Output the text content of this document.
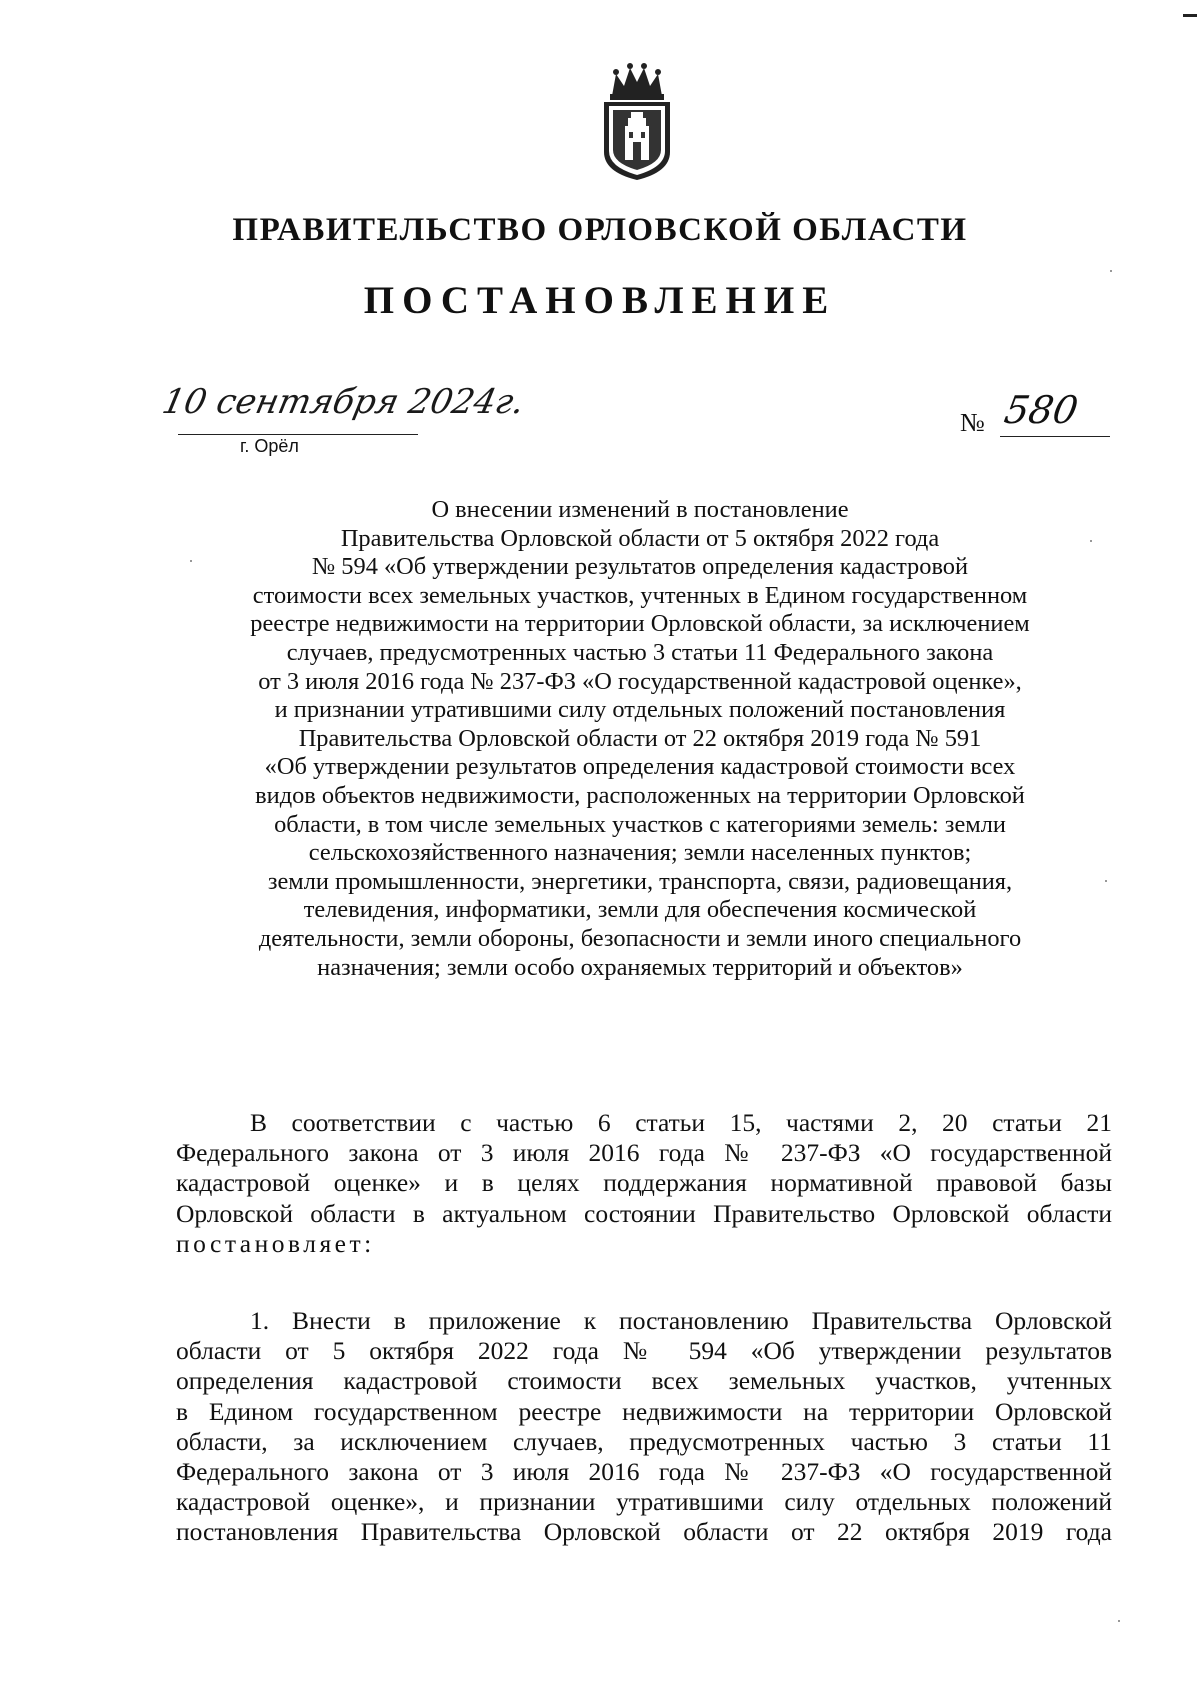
ПРАВИТЕЛЬСТВО ОРЛОВСКОЙ ОБЛАСТИ
ПОСТАНОВЛЕНИЕ
10 сентября 2024г.
г. Орёл
№ 580
О внесении изменений в постановление
Правительства Орловской области от 5 октября 2022 года
№ 594 «Об утверждении результатов определения кадастровой
стоимости всех земельных участков, учтенных в Едином государственном
реестре недвижимости на территории Орловской области, за исключением
случаев, предусмотренных частью 3 статьи 11 Федерального закона
от 3 июля 2016 года № 237-ФЗ «О государственной кадастровой оценке»,
и признании утратившими силу отдельных положений постановления
Правительства Орловской области от 22 октября 2019 года № 591
«Об утверждении результатов определения кадастровой стоимости всех
видов объектов недвижимости, расположенных на территории Орловской
области, в том числе земельных участков с категориями земель: земли
сельскохозяйственного назначения; земли населенных пунктов;
земли промышленности, энергетики, транспорта, связи, радиовещания,
телевидения, информатики, земли для обеспечения космической
деятельности, земли обороны, безопасности и земли иного специального
назначения; земли особо охраняемых территорий и объектов»
В соответствии с частью 6 статьи 15, частями 2, 20 статьи 21
Федерального закона от 3 июля 2016 года № 237-ФЗ «О государственной
кадастровой оценке» и в целях поддержания нормативной правовой базы
Орловской области в актуальном состоянии Правительство Орловской области
постановляет:
1. Внести в приложение к постановлению Правительства Орловской
области от 5 октября 2022 года № 594 «Об утверждении результатов
определения кадастровой стоимости всех земельных участков, учтенных
в Едином государственном реестре недвижимости на территории Орловской
области, за исключением случаев, предусмотренных частью 3 статьи 11
Федерального закона от 3 июля 2016 года № 237-ФЗ «О государственной
кадастровой оценке», и признании утратившими силу отдельных положений
постановления Правительства Орловской области от 22 октября 2019 года
